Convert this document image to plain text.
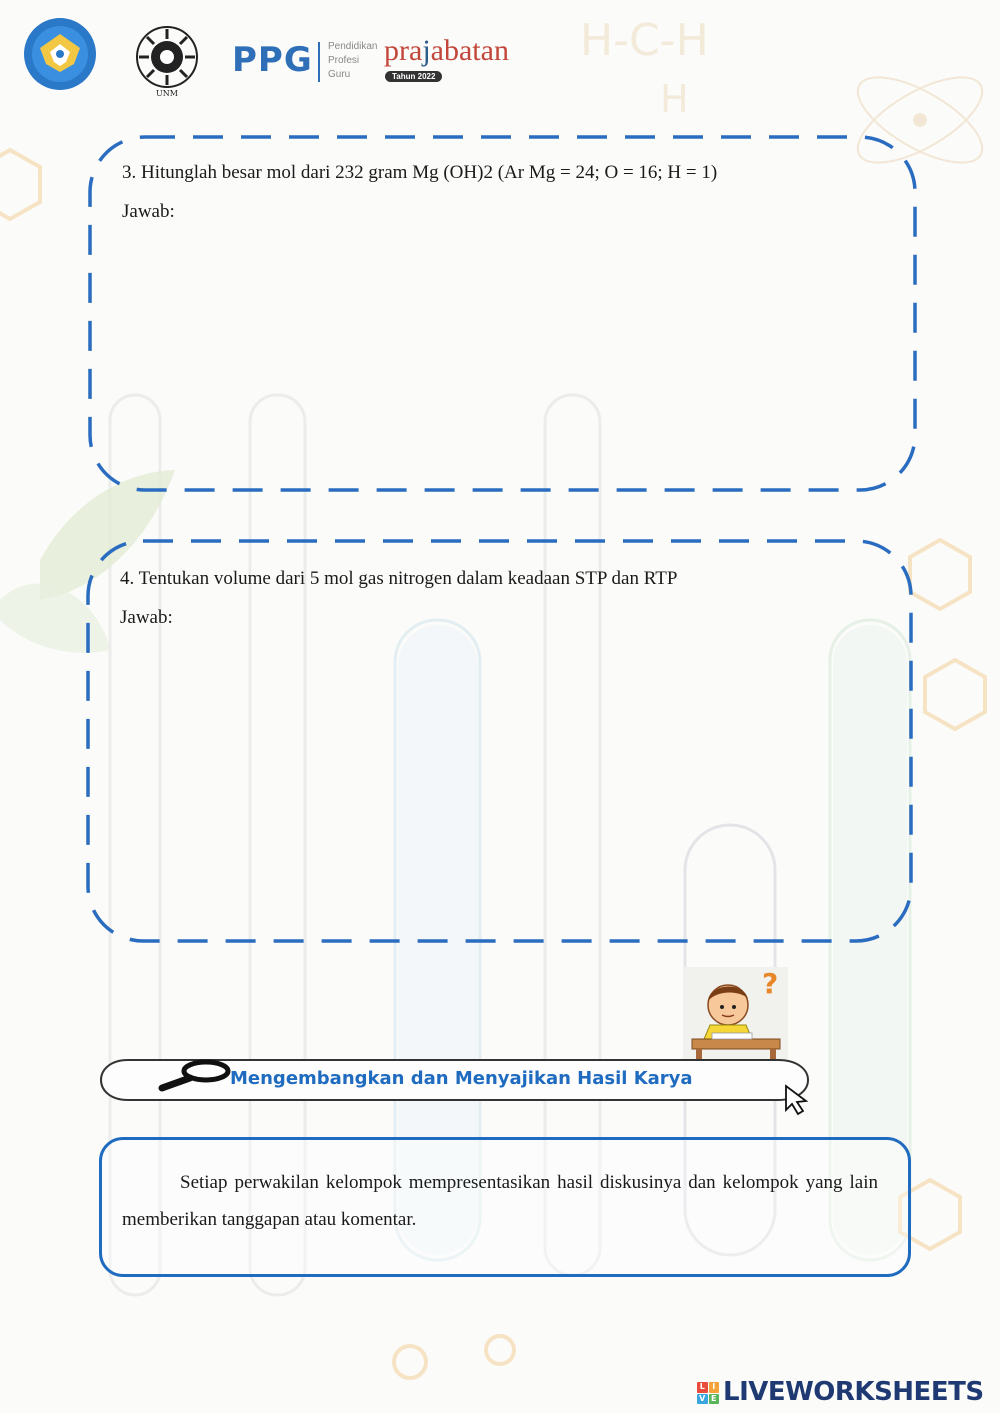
H-C-H
H
UNM
PPG Pendidikan
Profesi
Guru
prajabatan
Tahun 2022
3. Hitunglah besar mol dari 232 gram Mg (OH)2 (Ar Mg = 24; O = 16; H = 1)
Jawab:
4. Tentukan volume dari 5 mol gas nitrogen dalam keadaan STP dan RTP
Jawab:
?
Mengembangkan dan Menyajikan Hasil Karya
Setiap perwakilan kelompok mempresentasikan hasil diskusinya dan kelompok yang lain memberikan tanggapan atau komentar.
L I
V E LIVEWORKSHEETS
